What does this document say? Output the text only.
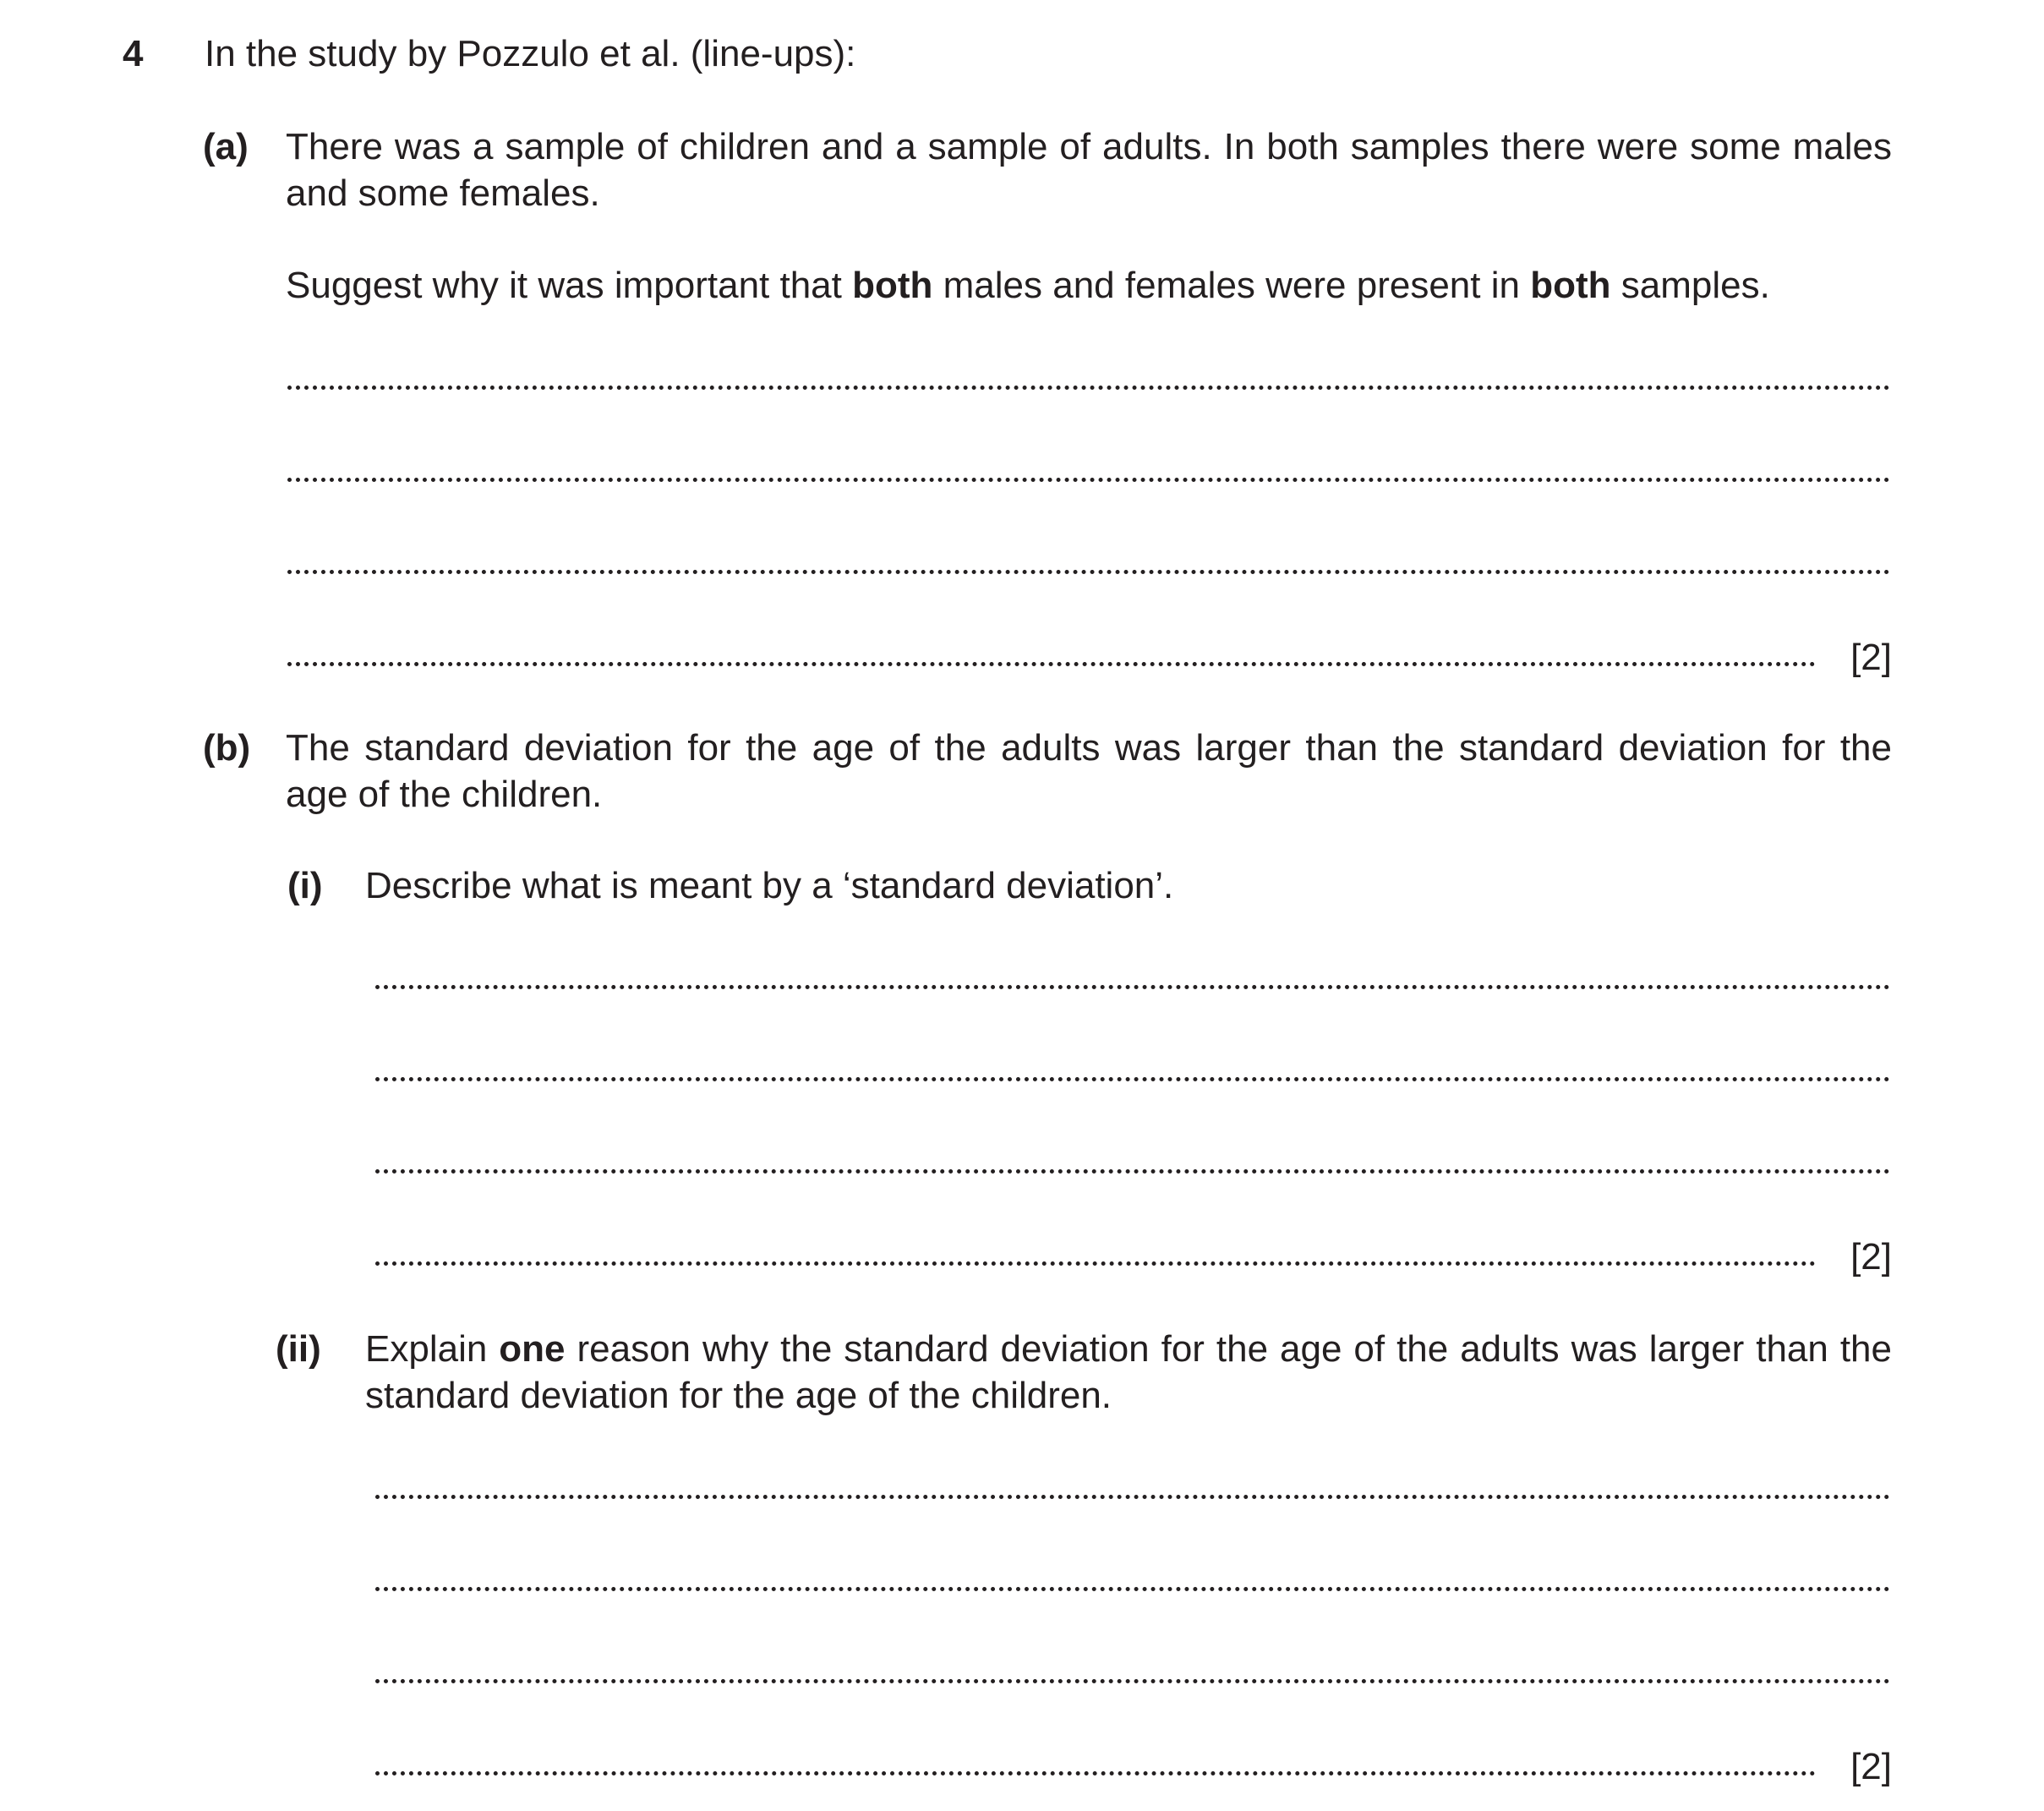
4 In the study by Pozzulo et al. (line-ups):
(a) There was a sample of children and a sample of adults. In both samples there were some males and some females.
Suggest why it was important that both males and females were present in both samples.
[2]
(b) The standard deviation for the age of the adults was larger than the standard deviation for the age of the children.
(i) Describe what is meant by a ‘standard deviation’.
[2]
(ii) Explain one reason why the standard deviation for the age of the adults was larger than the standard deviation for the age of the children.
[2]
